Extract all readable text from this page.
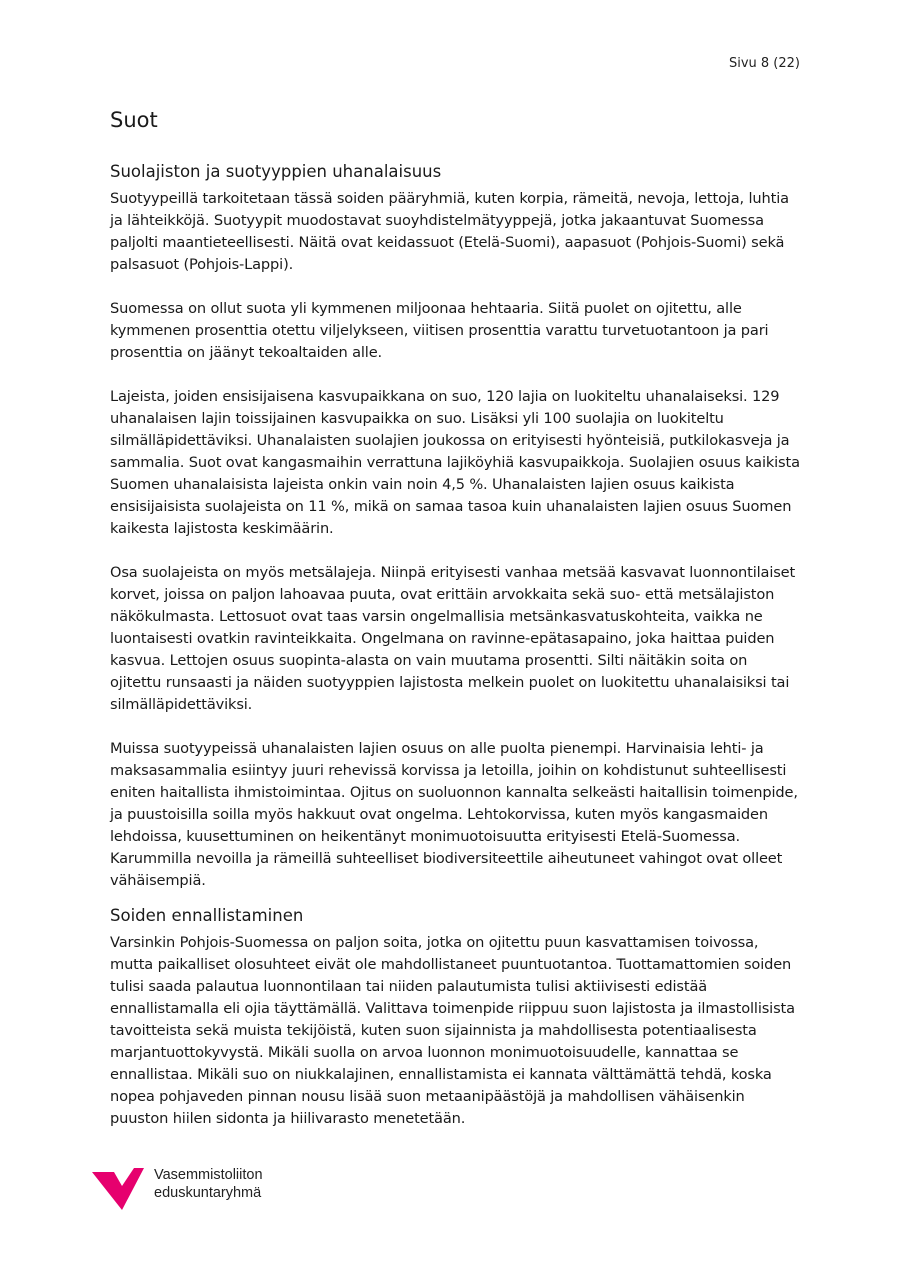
Sivu 8 (22)
Suot
Suolajiston ja suotyyppien uhanalaisuus

Suotyypeillä tarkoitetaan tässä soiden pääryhmiä, kuten korpia, rämeitä, nevoja, lettoja, luhtia ja lähteikköjä. Suotyypit muodostavat suoyhdistelmätyyppejä, jotka jakaantuvat Suomessa paljolti maantieteellisesti. Näitä ovat keidassuot (Etelä-Suomi), aapasuot (Pohjois-Suomi) sekä palsasuot (Pohjois-Lappi).

Suomessa on ollut suota yli kymmenen miljoonaa hehtaaria. Siitä puolet on ojitettu, alle kymmenen prosenttia otettu viljelykseen, viitisen prosenttia varattu turvetuotantoon ja pari prosenttia on jäänyt tekoaltaiden alle.

Lajeista, joiden ensisijaisena kasvupaikkana on suo, 120 lajia on luokiteltu uhanalaiseksi. 129 uhanalaisen lajin toissijainen kasvupaikka on suo. Lisäksi yli 100 suolajia on luokiteltu silmälläpidettäviksi. Uhanalaisten suolajien joukossa on erityisesti hyönteisiä, putkilokasveja ja sammalia. Suot ovat kangasmaihin verrattuna lajiköyhiä kasvupaikkoja. Suolajien osuus kaikista Suomen uhanalaisista lajeista onkin vain noin 4,5 %. Uhanalaisten lajien osuus kaikista ensisijaisista suolajeista on 11 %, mikä on samaa tasoa kuin uhanalaisten lajien osuus Suomen kaikesta lajistosta keskimäärin.

Osa suolajeista on myös metsälajeja. Niinpä erityisesti vanhaa metsää kasvavat luonnontilaiset korvet, joissa on paljon lahoavaa puuta, ovat erittäin arvokkaita sekä suo- että metsälajiston näkökulmasta. Lettosuot ovat taas varsin ongelmallisia metsänkasvatuskohteita, vaikka ne luontaisesti ovatkin ravinteikkaita. Ongelmana on ravinne-epätasapaino, joka haittaa puiden kasvua. Lettojen osuus suopinta-alasta on vain muutama prosentti. Silti näitäkin soita on ojitettu runsaasti ja näiden suotyyppien lajistosta melkein puolet on luokitettu uhanalaisiksi tai silmälläpidettäviksi.

Muissa suotyypeissä uhanalaisten lajien osuus on alle puolta pienempi. Harvinaisia lehti- ja maksasammalia esiintyy juuri rehevissä korvissa ja letoilla, joihin on kohdistunut suhteellisesti eniten haitallista ihmistoimintaa. Ojitus on suoluonnon kannalta selkeästi haitallisin toimenpide, ja puustoisilla soilla myös hakkuut ovat ongelma. Lehtokorvissa, kuten myös kangasmaiden lehdoissa, kuusettuminen on heikentänyt monimuotoisuutta erityisesti Etelä-Suomessa. Karummilla nevoilla ja rämeillä suhteelliset biodiversiteettile aiheutuneet vahingot ovat olleet vähäisempiä.

Soiden ennallistaminen

Varsinkin Pohjois-Suomessa on paljon soita, jotka on ojitettu puun kasvattamisen toivossa, mutta paikalliset olosuhteet eivät ole mahdollistaneet puuntuotantoa. Tuottamattomien soiden tulisi saada palautua luonnontilaan tai niiden palautumista tulisi aktiivisesti edistää ennallistamalla eli ojia täyttämällä. Valittava toimenpide riippuu suon lajistosta ja ilmastollisista tavoitteista sekä muista tekijöistä, kuten suon sijainnista ja mahdollisesta potentiaalisesta marjantuottokyvystä. Mikäli suolla on arvoa luonnon monimuotoisuudelle, kannattaa se ennallistaa. Mikäli suo on niukkalajinen, ennallistamista ei kannata välttämättä tehdä, koska nopea pohjaveden pinnan nousu lisää suon metaanipäästöjä ja mahdollisen vähäisenkin puuston hiilen sidonta ja hiilivarasto menetetään.

Vasemmistoliiton
eduskuntaryhmä
